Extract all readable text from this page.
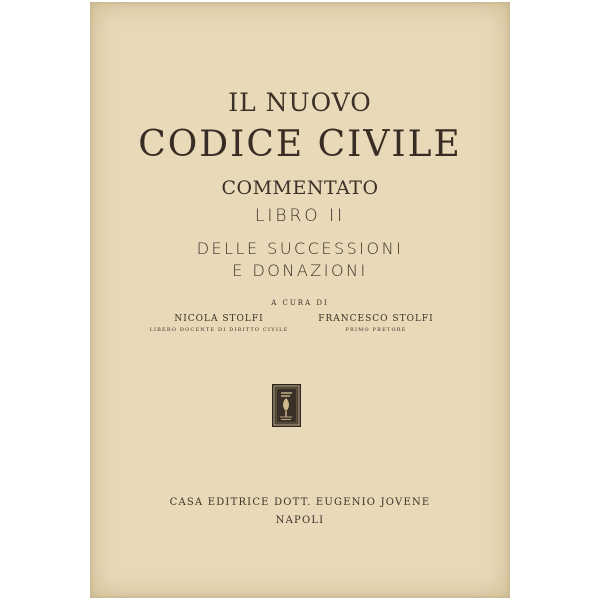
IL NUOVO
CODICE CIVILE
COMMENTATO
LIBRO II
DELLE SUCCESSIONI
E DONAZIONI
A CURA DI
NICOLA STOLFI
LIBERO DOCENTE DI DIRITTO CIVILE
FRANCESCO STOLFI
PRIMO PRETORE
CASA EDITRICE DOTT. EUGENIO JOVENE
NAPOLI
